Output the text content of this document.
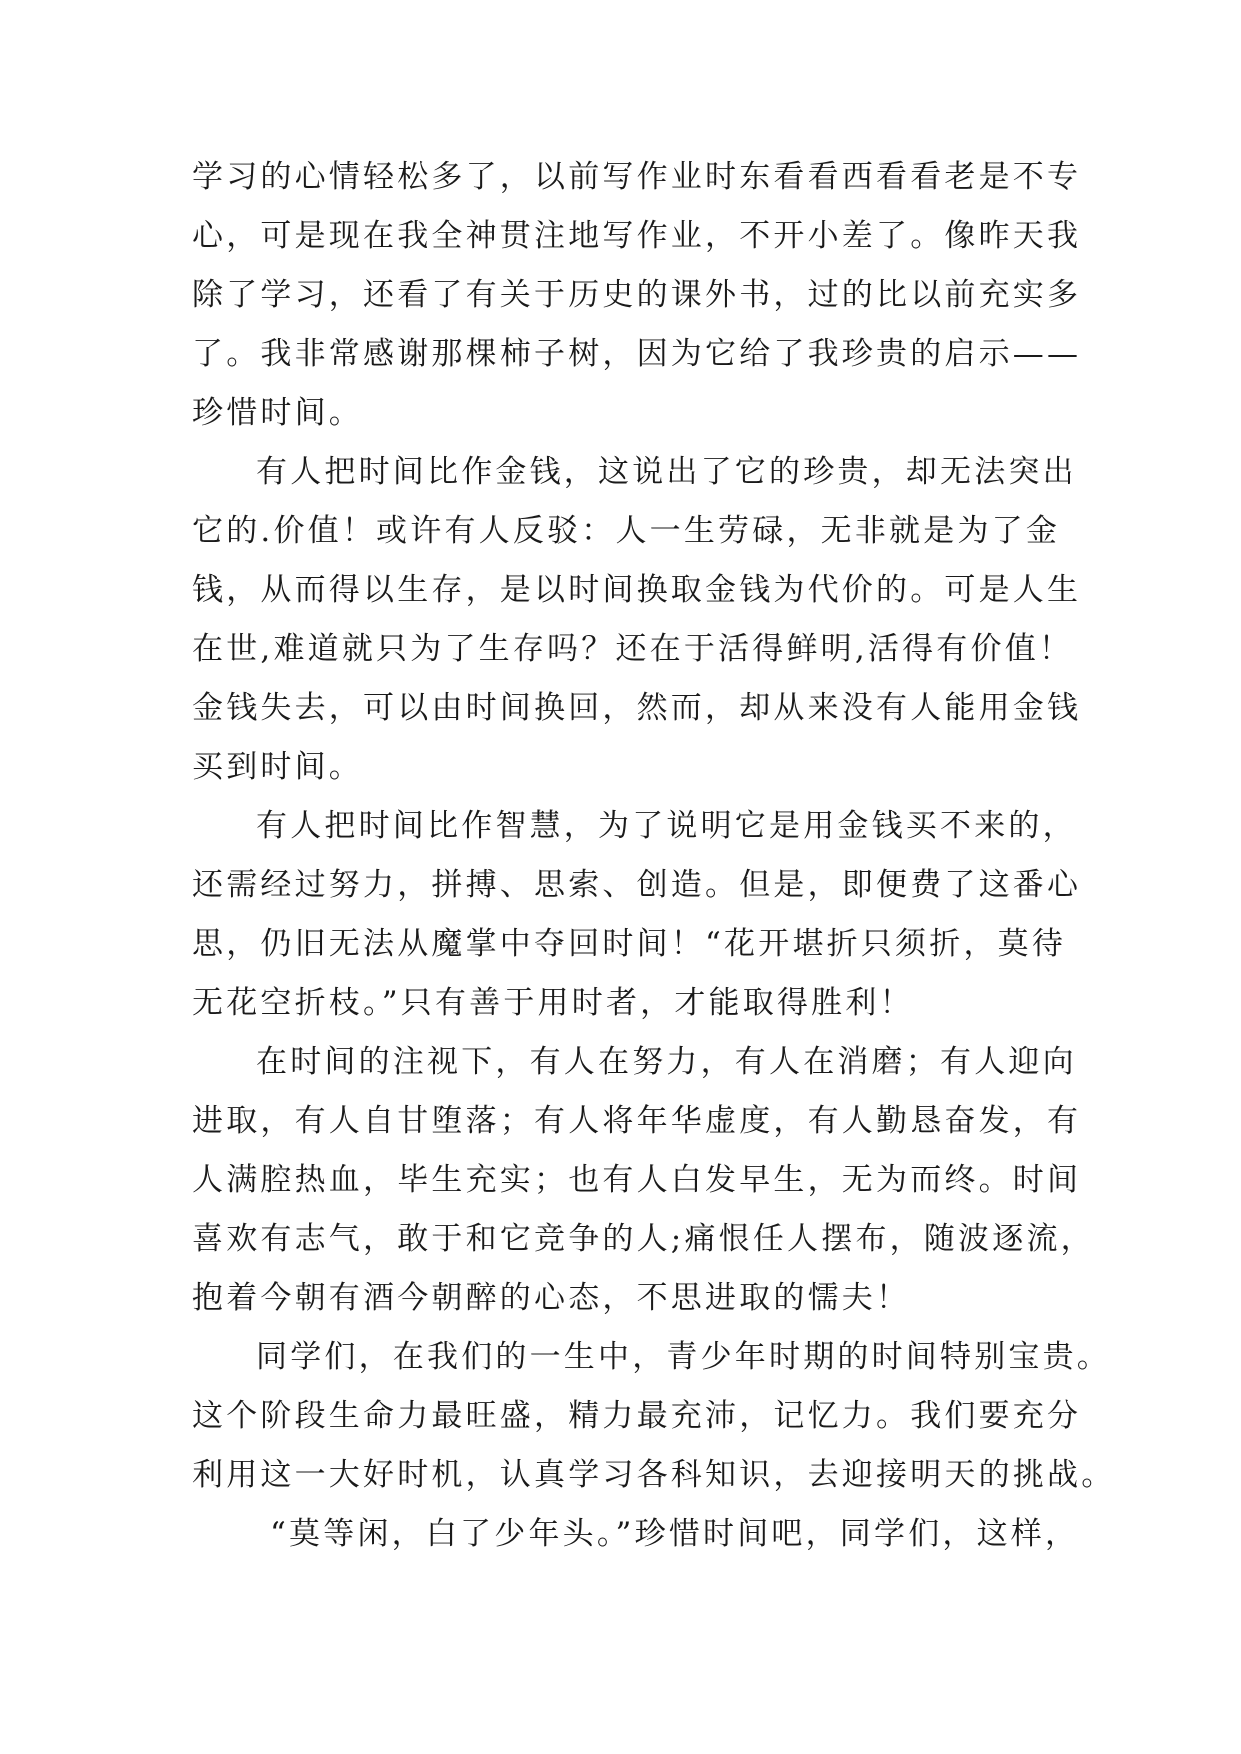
学习的心情轻松多了，以前写作业时东看看西看看老是不专
心，可是现在我全神贯注地写作业，不开小差了。像昨天我
除了学习，还看了有关于历史的课外书，过的比以前充实多
了。我非常感谢那棵柿子树，因为它给了我珍贵的启示——
珍惜时间。
有人把时间比作金钱，这说出了它的珍贵，却无法突出
它的.价值！或许有人反驳：人一生劳碌，无非就是为了金
钱，从而得以生存，是以时间换取金钱为代价的。可是人生
在世,难道就只为了生存吗？还在于活得鲜明,活得有价值！
金钱失去，可以由时间换回，然而，却从来没有人能用金钱
买到时间。
有人把时间比作智慧，为了说明它是用金钱买不来的，
还需经过努力，拼搏、思索、创造。但是，即便费了这番心
思，仍旧无法从魔掌中夺回时间！“花开堪折只须折，莫待
无花空折枝。”只有善于用时者，才能取得胜利！
在时间的注视下，有人在努力，有人在消磨；有人迎向
进取，有人自甘堕落；有人将年华虚度，有人勤恳奋发，有
人满腔热血，毕生充实；也有人白发早生，无为而终。时间
喜欢有志气，敢于和它竞争的人;痛恨任人摆布，随波逐流，
抱着今朝有酒今朝醉的心态，不思进取的懦夫！
同学们，在我们的一生中，青少年时期的时间特别宝贵。
这个阶段生命力最旺盛，精力最充沛，记忆力。我们要充分
利用这一大好时机，认真学习各科知识，去迎接明天的挑战。
“莫等闲，白了少年头。”珍惜时间吧，同学们，这样，
